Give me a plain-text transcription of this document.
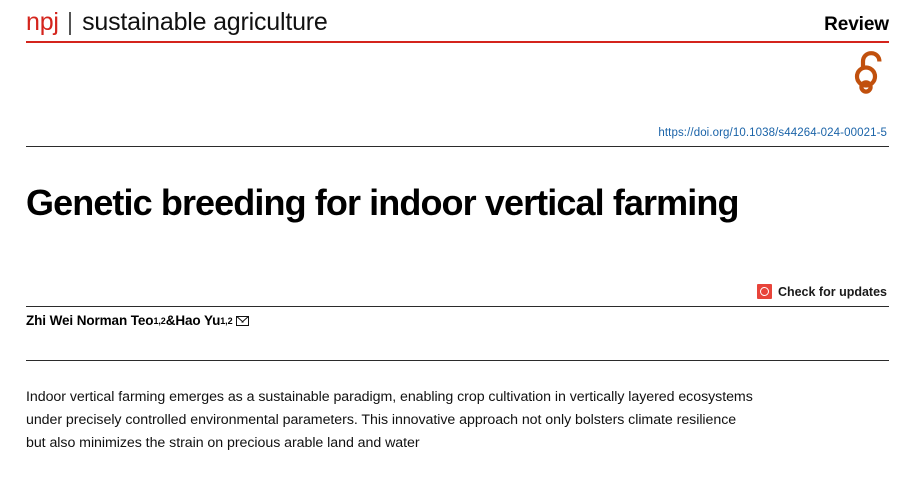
npj | sustainable agriculture	Review
https://doi.org/10.1038/s44264-024-00021-5
Genetic breeding for indoor vertical farming
Check for updates
Zhi Wei Norman Teo 1,2 & Hao Yu 1,2

Indoor vertical farming emerges as a sustainable paradigm, enabling crop cultivation in vertically layered ecosystems under precisely controlled environmental parameters. This innovative approach not only bolsters climate resilience but also minimizes the strain on precious arable land and water
